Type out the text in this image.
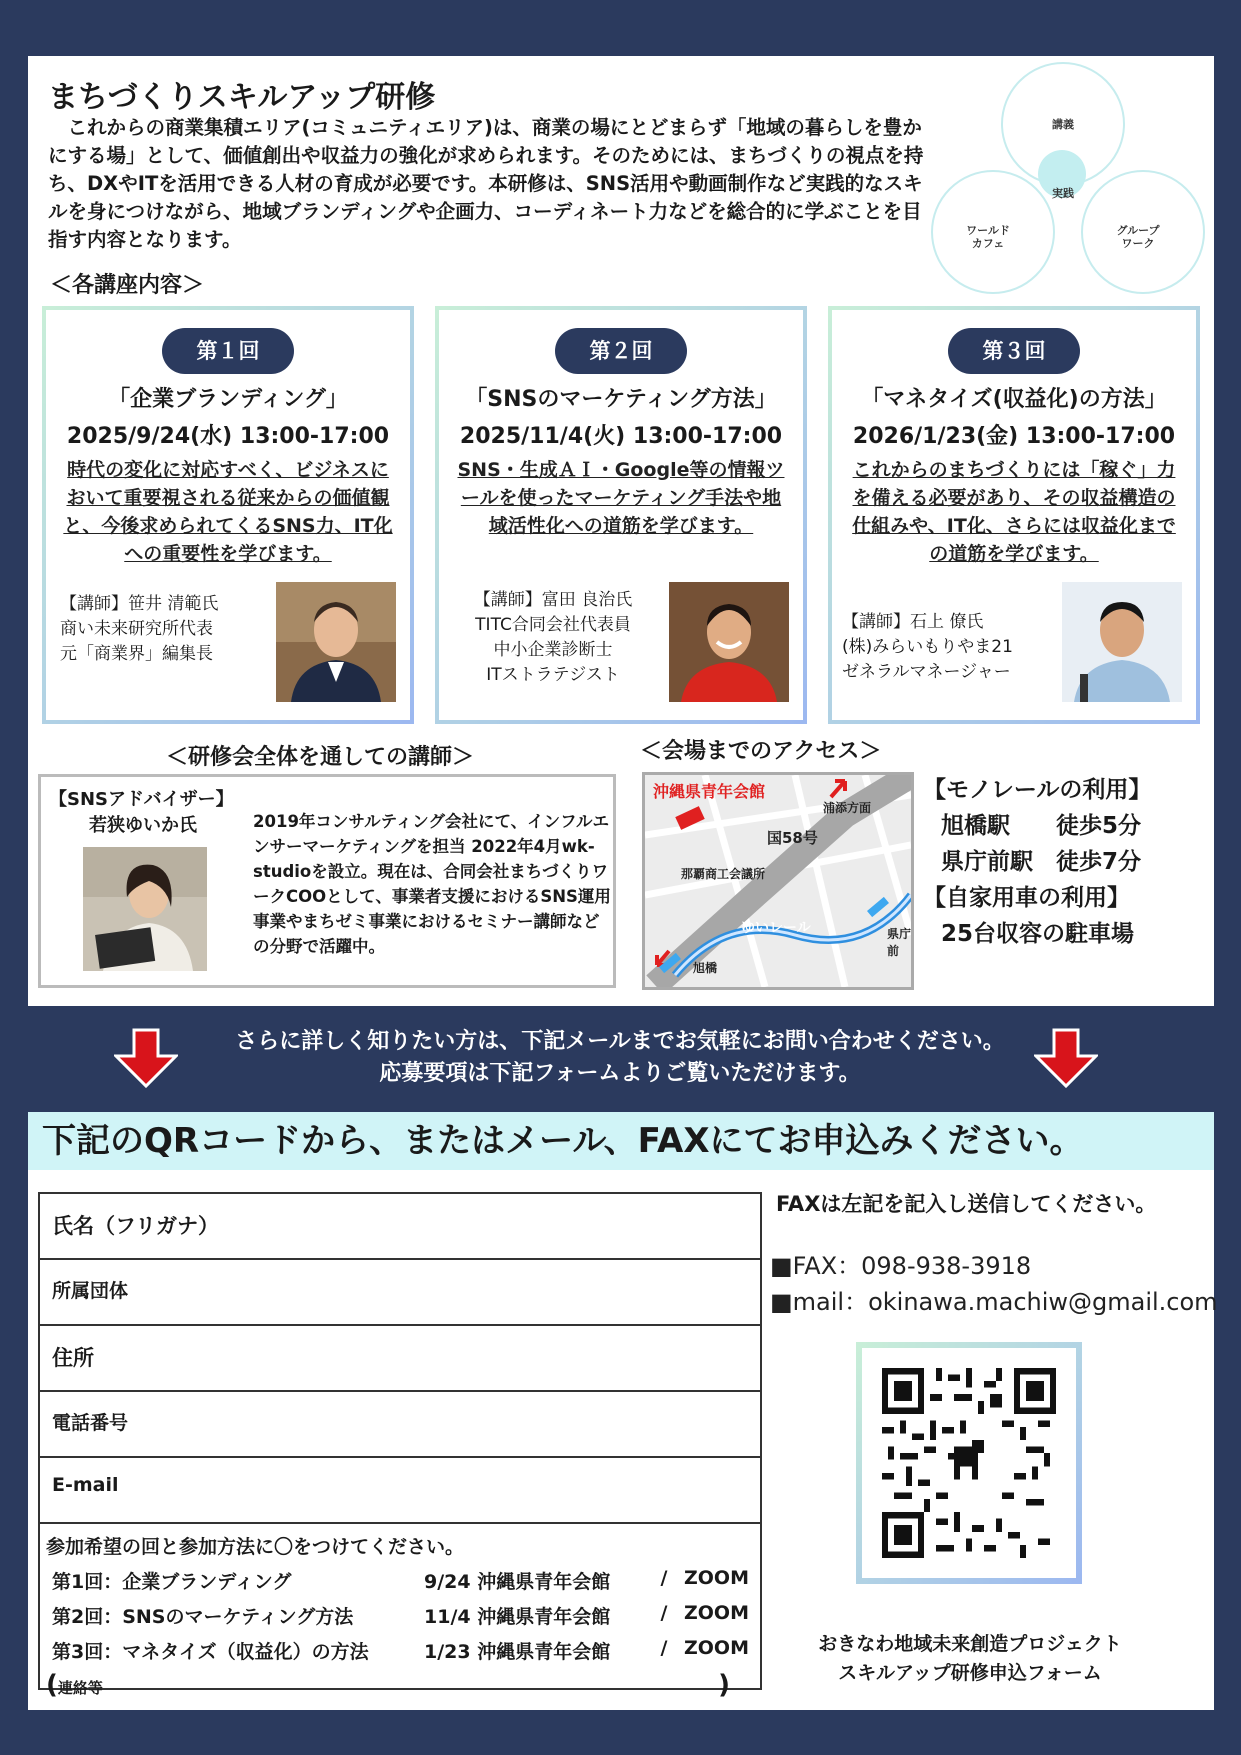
まちづくりスキルアップ研修

これからの商業集積エリア(コミュニティエリア)は、商業の場にとどまらず「地域の暮らしを豊かにする場」として、価値創出や収益力の強化が求められます。そのためには、まちづくりの視点を持ち、DXやITを活用できる人材の育成が必要です。本研修は、SNS活用や動画制作など実践的なスキルを身につけながら、地域ブランディングや企画力、コーディネート力などを総合的に学ぶことを目指す内容となります。

講義
実践
ワールド
カフェ
グループ
ワーク
＜各講座内容＞
第１回
「企業ブランディング」
2025/9/24(水) 13:00-17:00
時代の変化に対応すべく、ビジネスにおいて重要視される従来からの価値観と、今後求められてくるSNS力、IT化への重要性を学びます。
【講師】笹井 清範氏
商い未来研究所代表
元「商業界」編集長
第２回
「SNSのマーケティング方法」
2025/11/4(火) 13:00-17:00
SNS・生成ＡＩ・Google等の情報ツールを使ったマーケティング手法や地域活性化への道筋を学びます。
【講師】富田 良治氏
TITC合同会社代表員
中小企業診断士
ITストラテジスト
第３回
「マネタイズ(収益化)の方法」
2026/1/23(金) 13:00-17:00
これからのまちづくりには「稼ぐ」力を備える必要があり、その収益構造の仕組みや、IT化、さらには収益化までの道筋を学びます。
【講師】石上 僚氏
(株)みらいもりやま21
ゼネラルマネージャー
＜研修会全体を通しての講師＞	＜会場までのアクセス＞
【SNSアドバイザー】
若狭ゆいか氏	2019年コンサルティング会社にて、インフルエンサーマーケティングを担当 2022年4月wk-studioを設立。現在は、合同会社まちづくりワークCOOとして、事業者支援におけるSNS運用事業やまちゼミ事業におけるセミナー講師などの分野で活躍中。
沖縄県青年会館
浦添方面
国58号
那覇商工会議所
ゆいレール	県庁前
旭橋
【モノレールの利用】
旭橋駅　　徒歩5分
県庁前駅　徒歩7分
【自家用車の利用】
25台収容の駐車場
さらに詳しく知りたい方は、下記メールまでお気軽にお問い合わせください。
応募要項は下記フォームよりご覧いただけます。
下記のQRコードから、またはメール、FAXにてお申込みください。
氏名（フリガナ）
所属団体
住所
電話番号
E-mail
参加希望の回と参加方法に〇をつけてください。
第1回：企業ブランディング	9/24 沖縄県青年会館	/ ZOOM
第2回：SNSのマーケティング方法	11/4 沖縄県青年会館	/ ZOOM
第3回：マネタイズ（収益化）の方法	1/23 沖縄県青年会館	/ ZOOM
(連絡等	)
FAXは左記を記入し送信してください。
■FAX：098-938-3918
■mail：okinawa.machiw@gmail.com
おきなわ地域未来創造プロジェクト
スキルアップ研修申込フォーム
